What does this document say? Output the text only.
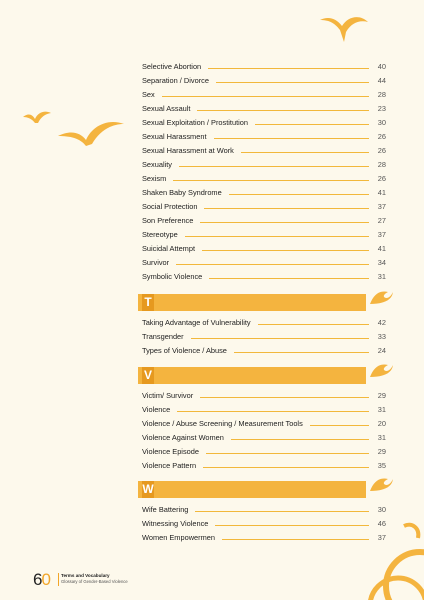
Selective Abortion	40
Separation / Divorce	44
Sex	28
Sexual Assault	23
Sexual Exploitation / Prostitution	30
Sexual Harassment	26
Sexual Harassment at Work	26
Sexuality	28
Sexism	26
Shaken Baby Syndrome	41
Social Protection	37
Son Preference	27
Stereotype	37
Suicidal Attempt	41
Survivor	34
Symbolic Violence	31
T
Taking Advantage of Vulnerability	42
Transgender	33
Types of Violence / Abuse	24
V
Victim/ Survivor	29
Violence	31
Violence / Abuse Screening / Measurement Tools	20
Violence Against Women	31
Violence Episode	29
Violence Pattern	35
W
Wife Battering	30
Witnessing Violence	46
Women Empowermen	37
60 Terms and Vocabulary
Glossary of Gender-Based Violence
